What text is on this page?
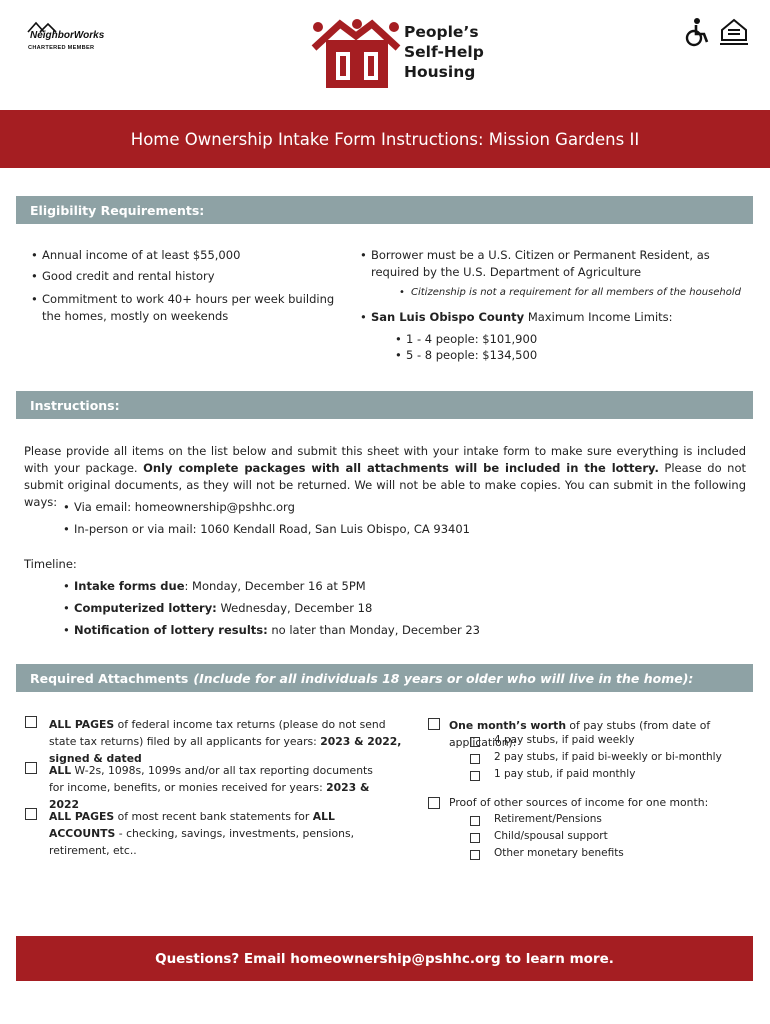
NeighborWorks
CHARTERED MEMBER
People’s
Self-Help
Housing
Home Ownership Intake Form Instructions: Mission Gardens II
Eligibility Requirements:
• Annual income of at least $55,000
• Good credit and rental history
• Commitment to work 40+ hours per week building the homes, mostly on weekends
• Borrower must be a U.S. Citizen or Permanent Resident, as required by the U.S. Department of Agriculture
• Citizenship is not a requirement for all members of the household
• San Luis Obispo County Maximum Income Limits:
• 1 - 4 people: $101,900
• 5 - 8 people: $134,500
Instructions:
Please provide all items on the list below and submit this sheet with your intake form to make sure everything is included with your package. Only complete packages with all attachments will be included in the lottery. Please do not submit original documents, as they will not be returned. We will not be able to make copies. You can submit in the following ways:
•	Via email: homeownership@pshhc.org
• In-person or via mail: 1060 Kendall Road, San Luis Obispo, CA 93401
Timeline:
• Intake forms due: Monday, December 16 at 5PM
• Computerized lottery: Wednesday, December 18
• Notification of lottery results: no later than Monday, December 23
Required Attachments (Include for all individuals 18 years or older who will live in the home):
ALL PAGES of federal income tax returns (please do not send state tax returns) filed by all applicants for years: 2023 & 2022, signed & dated
ALL W-2s, 1098s, 1099s and/or all tax reporting documents for income, benefits, or monies received for years: 2023 & 2022
ALL PAGES of most recent bank statements for ALL ACCOUNTS - checking, savings, investments, pensions, retirement, etc..
One month’s worth of pay stubs (from date of application):
4 pay stubs, if paid weekly
2 pay stubs, if paid bi-weekly or bi-monthly
1 pay stub, if paid monthly
Proof of other sources of income for one month:
Retirement/Pensions
Child/spousal support
Other monetary benefits
Questions? Email homeownership@pshhc.org to learn more.
